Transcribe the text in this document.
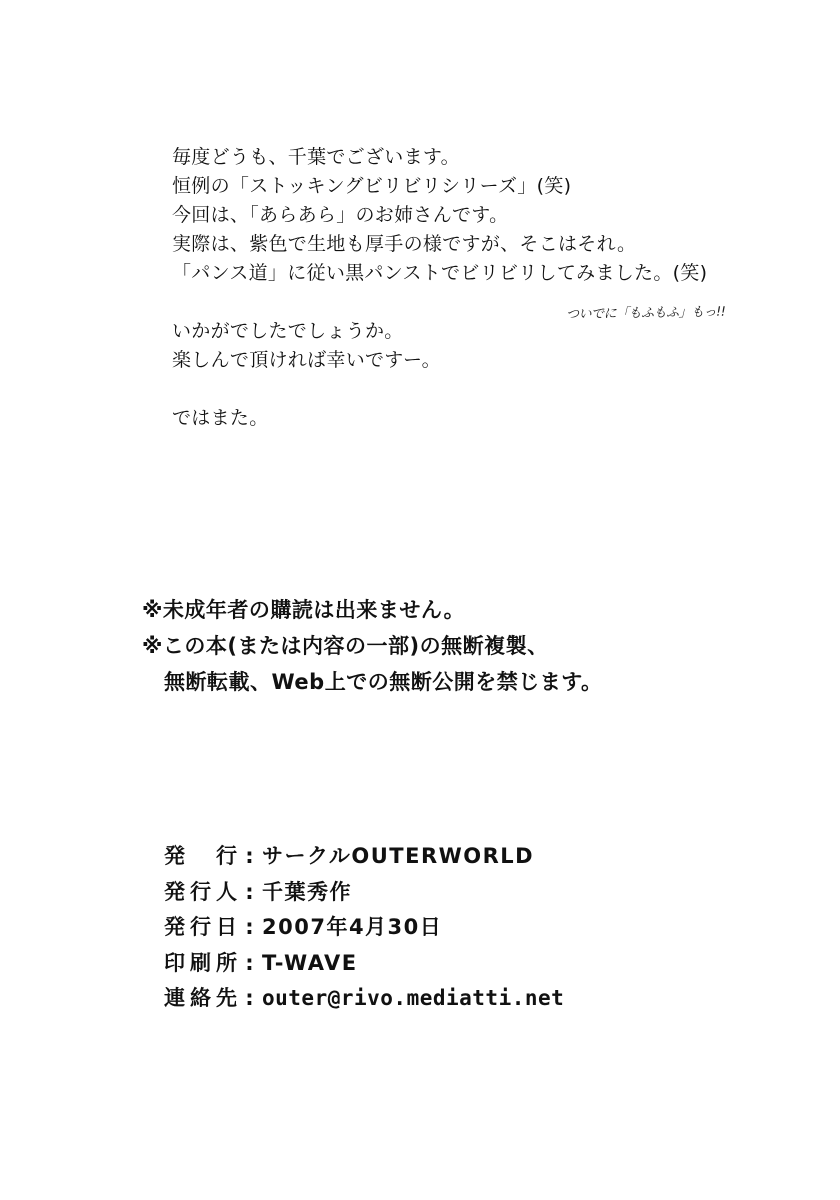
毎度どうも、千葉でございます。
恒例の「ストッキングビリビリシリーズ」(笑)
今回は、「あらあら」のお姉さんです。
実際は、紫色で生地も厚手の様ですが、そこはそれ。
「パンス道」に従い黒パンストでビリビリしてみました。(笑)
いかがでしたでしょうか。
楽しんで頂ければ幸いですー。
ではまた。
ついでに「もふもふ」もっ!!
※未成年者の購読は出来ません。
※この本(または内容の一部)の無断複製、
無断転載、Web上での無断公開を禁じます。
発行 : サークルOUTERWORLD
発行人 : 千葉秀作
発行日 : 2007年4月30日
印刷所 : T-WAVE
連絡先 : outer@rivo.mediatti.net
